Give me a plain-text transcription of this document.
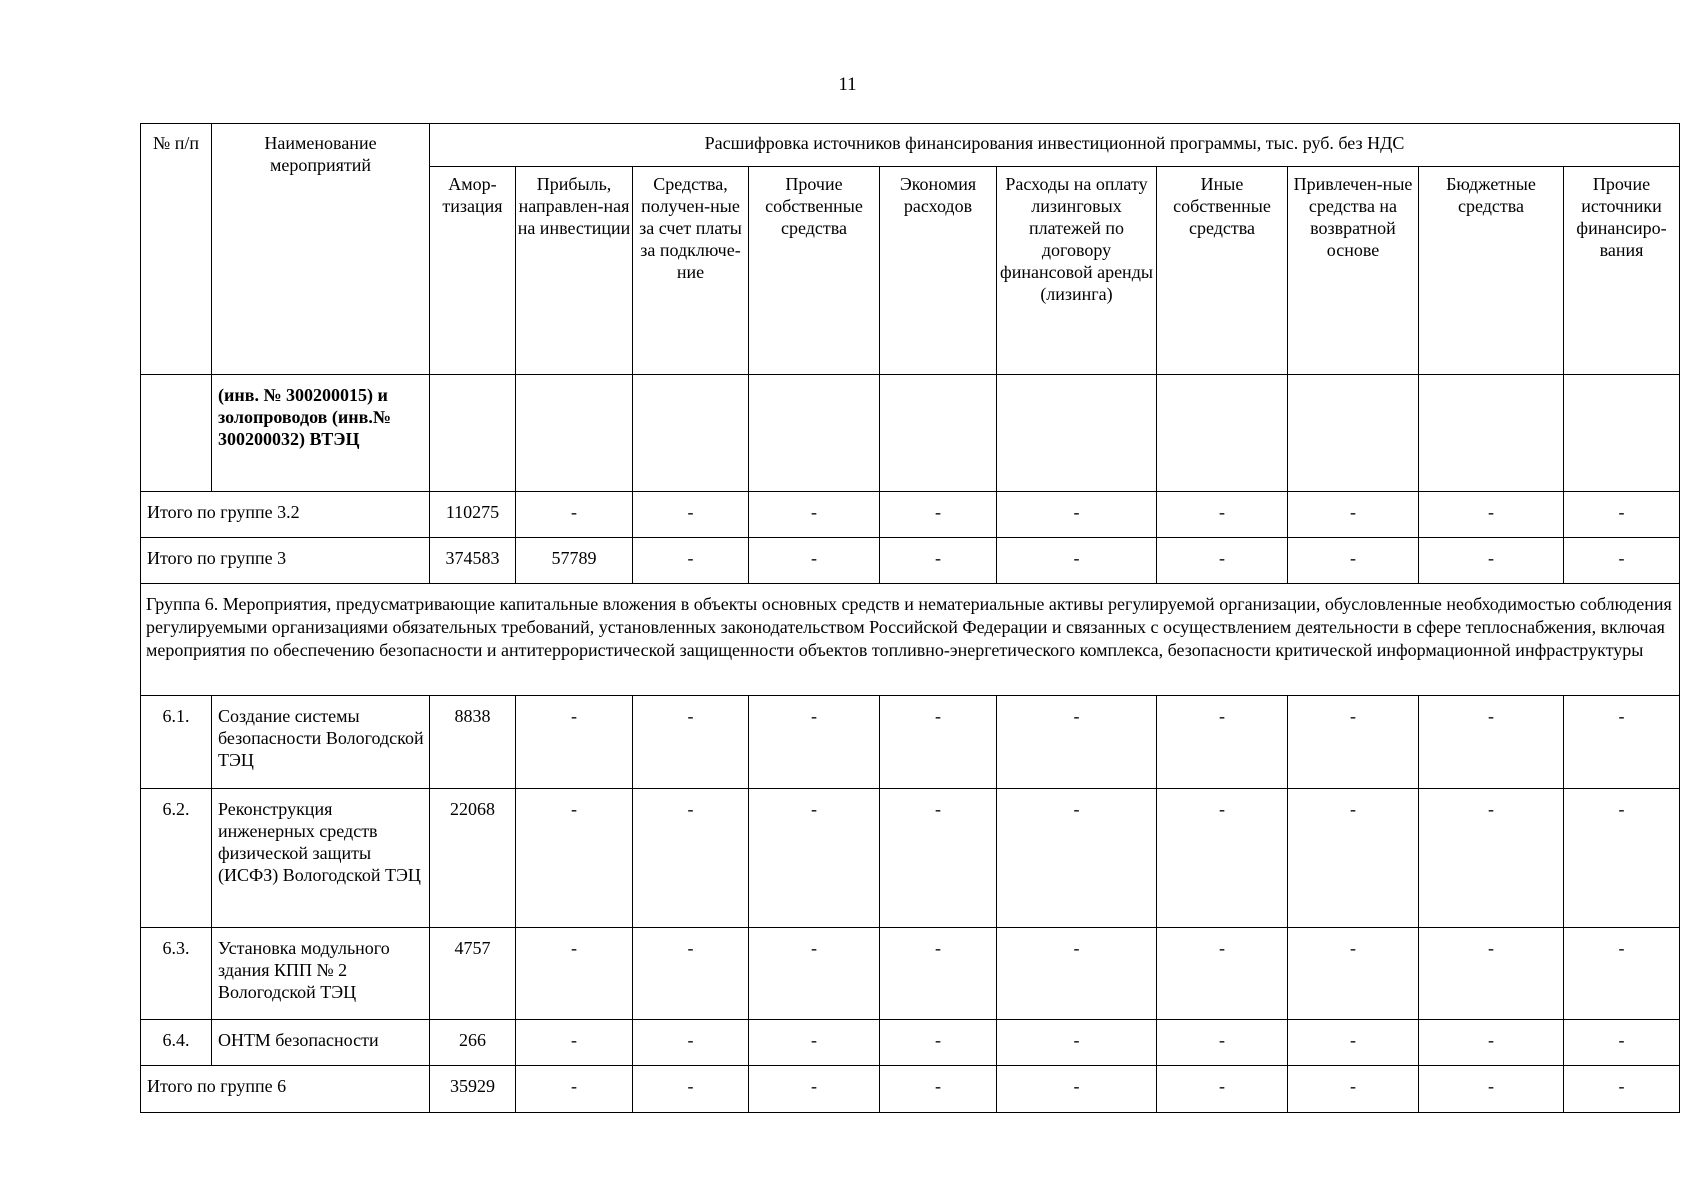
11
№ п/п	Наименование мероприятий	Расшифровка источников финансирования инвестиционной программы, тыс. руб. без НДС									
		Амор-тизация	Прибыль, направлен-ная на инвестиции	Средства, получен-ные за счет платы за подключе-ние	Прочие собственные средства	Экономия расходов	Расходы на оплату лизинговых платежей по договору финансовой аренды (лизинга)	Иные собственные средства	Привлечен-ные средства на возвратной основе	Бюджетные средства	Прочие источники финансиро-вания
	(инв. № 300200015) и золопроводов (инв.№ 300200032) ВТЭЦ										
Итого по группе 3.2		110275	-	-	-	-	-	-	-	-	-
Итого по группе 3		374583	57789	-	-	-	-	-	-	-	-
Группа 6. Мероприятия, предусматривающие капитальные вложения в объекты основных средств и нематериальные активы регулируемой организации, обусловленные необходимостью соблюдения регулируемыми организациями обязательных требований, установленных законодательством Российской Федерации и связанных с осуществлением деятельности в сфере теплоснабжения, включая мероприятия по обеспечению безопасности и антитеррористической защищенности объектов топливно-энергетического комплекса, безопасности критической информационной инфраструктуры											
6.1.	Создание системы безопасности Вологодской ТЭЦ	8838	-	-	-	-	-	-	-	-	-
6.2.	Реконструкция инженерных средств физической защиты (ИСФЗ) Вологодской ТЭЦ	22068	-	-	-	-	-	-	-	-	-
6.3.	Установка модульного здания КПП № 2 Вологодской ТЭЦ	4757	-	-	-	-	-	-	-	-	-
6.4.	ОНТМ безопасности	266	-	-	-	-	-	-	-	-	-
Итого по группе 6		35929	-	-	-	-	-	-	-	-	-
